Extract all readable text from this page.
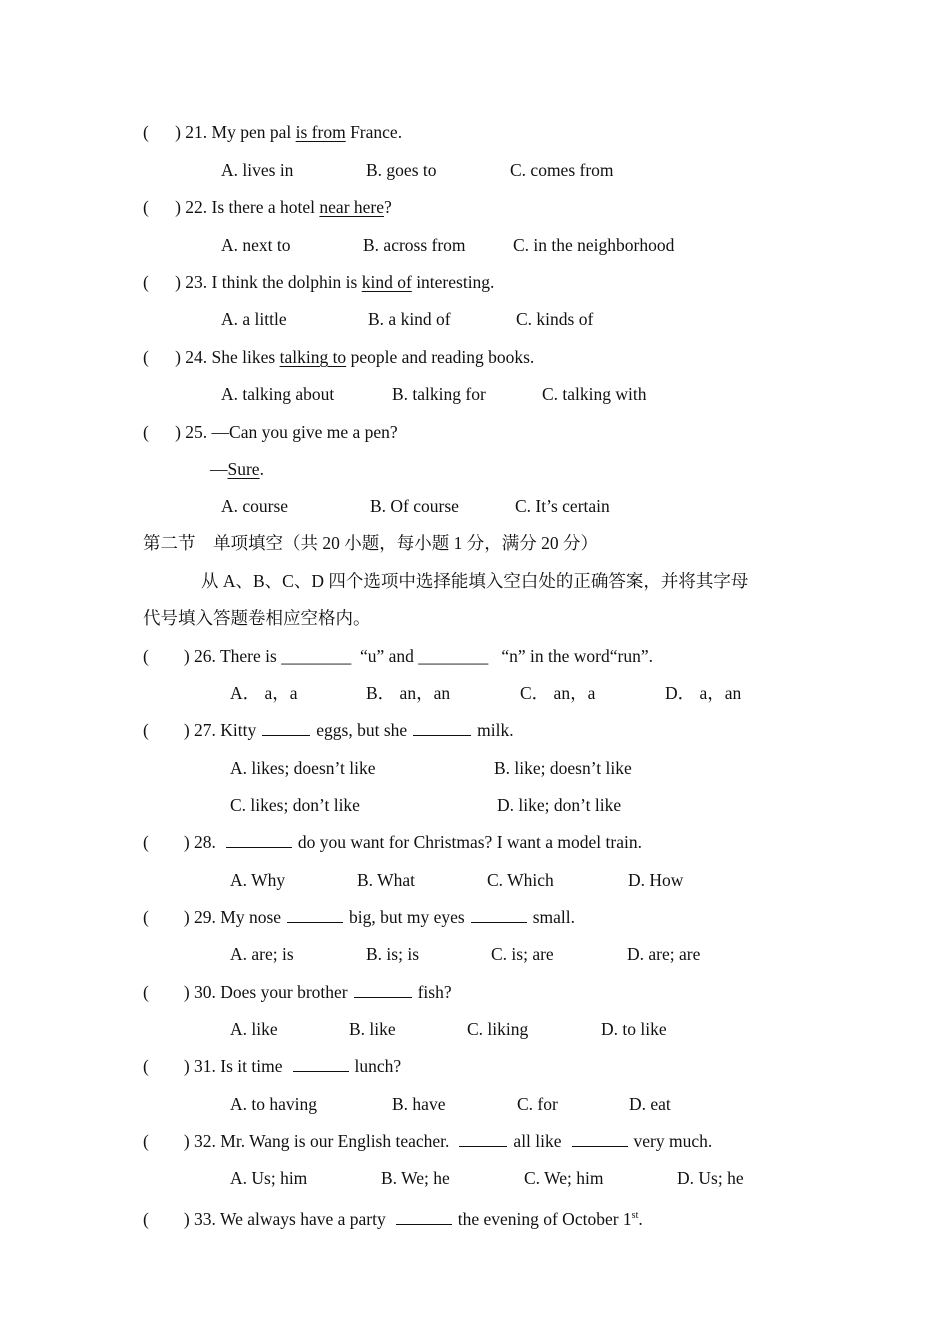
(      ) 21. My pen pal is from France.
A. lives in	B. goes to	C. comes from
(      ) 22. Is there a hotel near here?
A. next to	B. across from	C. in the neighborhood
(      ) 23. I think the dolphin is kind of interesting.
A. a little	B. a kind of	C. kinds of
(      ) 24. She likes talking to people and reading books.
A. talking about	B. talking for	C. talking with
(      ) 25. —Can you give me a pen?
—Sure.
A. course	B. Of course	C. It’s certain
第二节    单项填空（共 20 小题，每小题 1 分，满分 20 分）
从 A、B、C、D 四个选项中选择能填入空白处的正确答案，并将其字母
代号填入答题卷相应空格内。
(        ) 26. There is ________ “u” and ________ “n” in the word“run”.
A． a，a	B． an，an	C． an，a	D． a，an
(        ) 27. Kitty	eggs, but she	milk.
A. likes; doesn’t like	B. like; doesn’t like
C. likes; don’t like	D. like; don’t like
(        ) 28.	do you want for Christmas? I want a model train.
A. Why	B. What	C. Which	D. How
(        ) 29. My nose	big, but my eyes	small.
A. are; is	B. is; is	C. is; are	D. are; are
(        ) 30. Does your brother	fish?
A. like	B. like	C. liking	D. to like
(        ) 31. Is it time	lunch?
A. to having	B. have	C. for	D. eat
(        ) 32. Mr. Wang is our English teacher.	all like	very much.
A. Us; him	B. We; he	C. We; him	D. Us; he
(        ) 33. We always have a party	the evening of October 1st.
